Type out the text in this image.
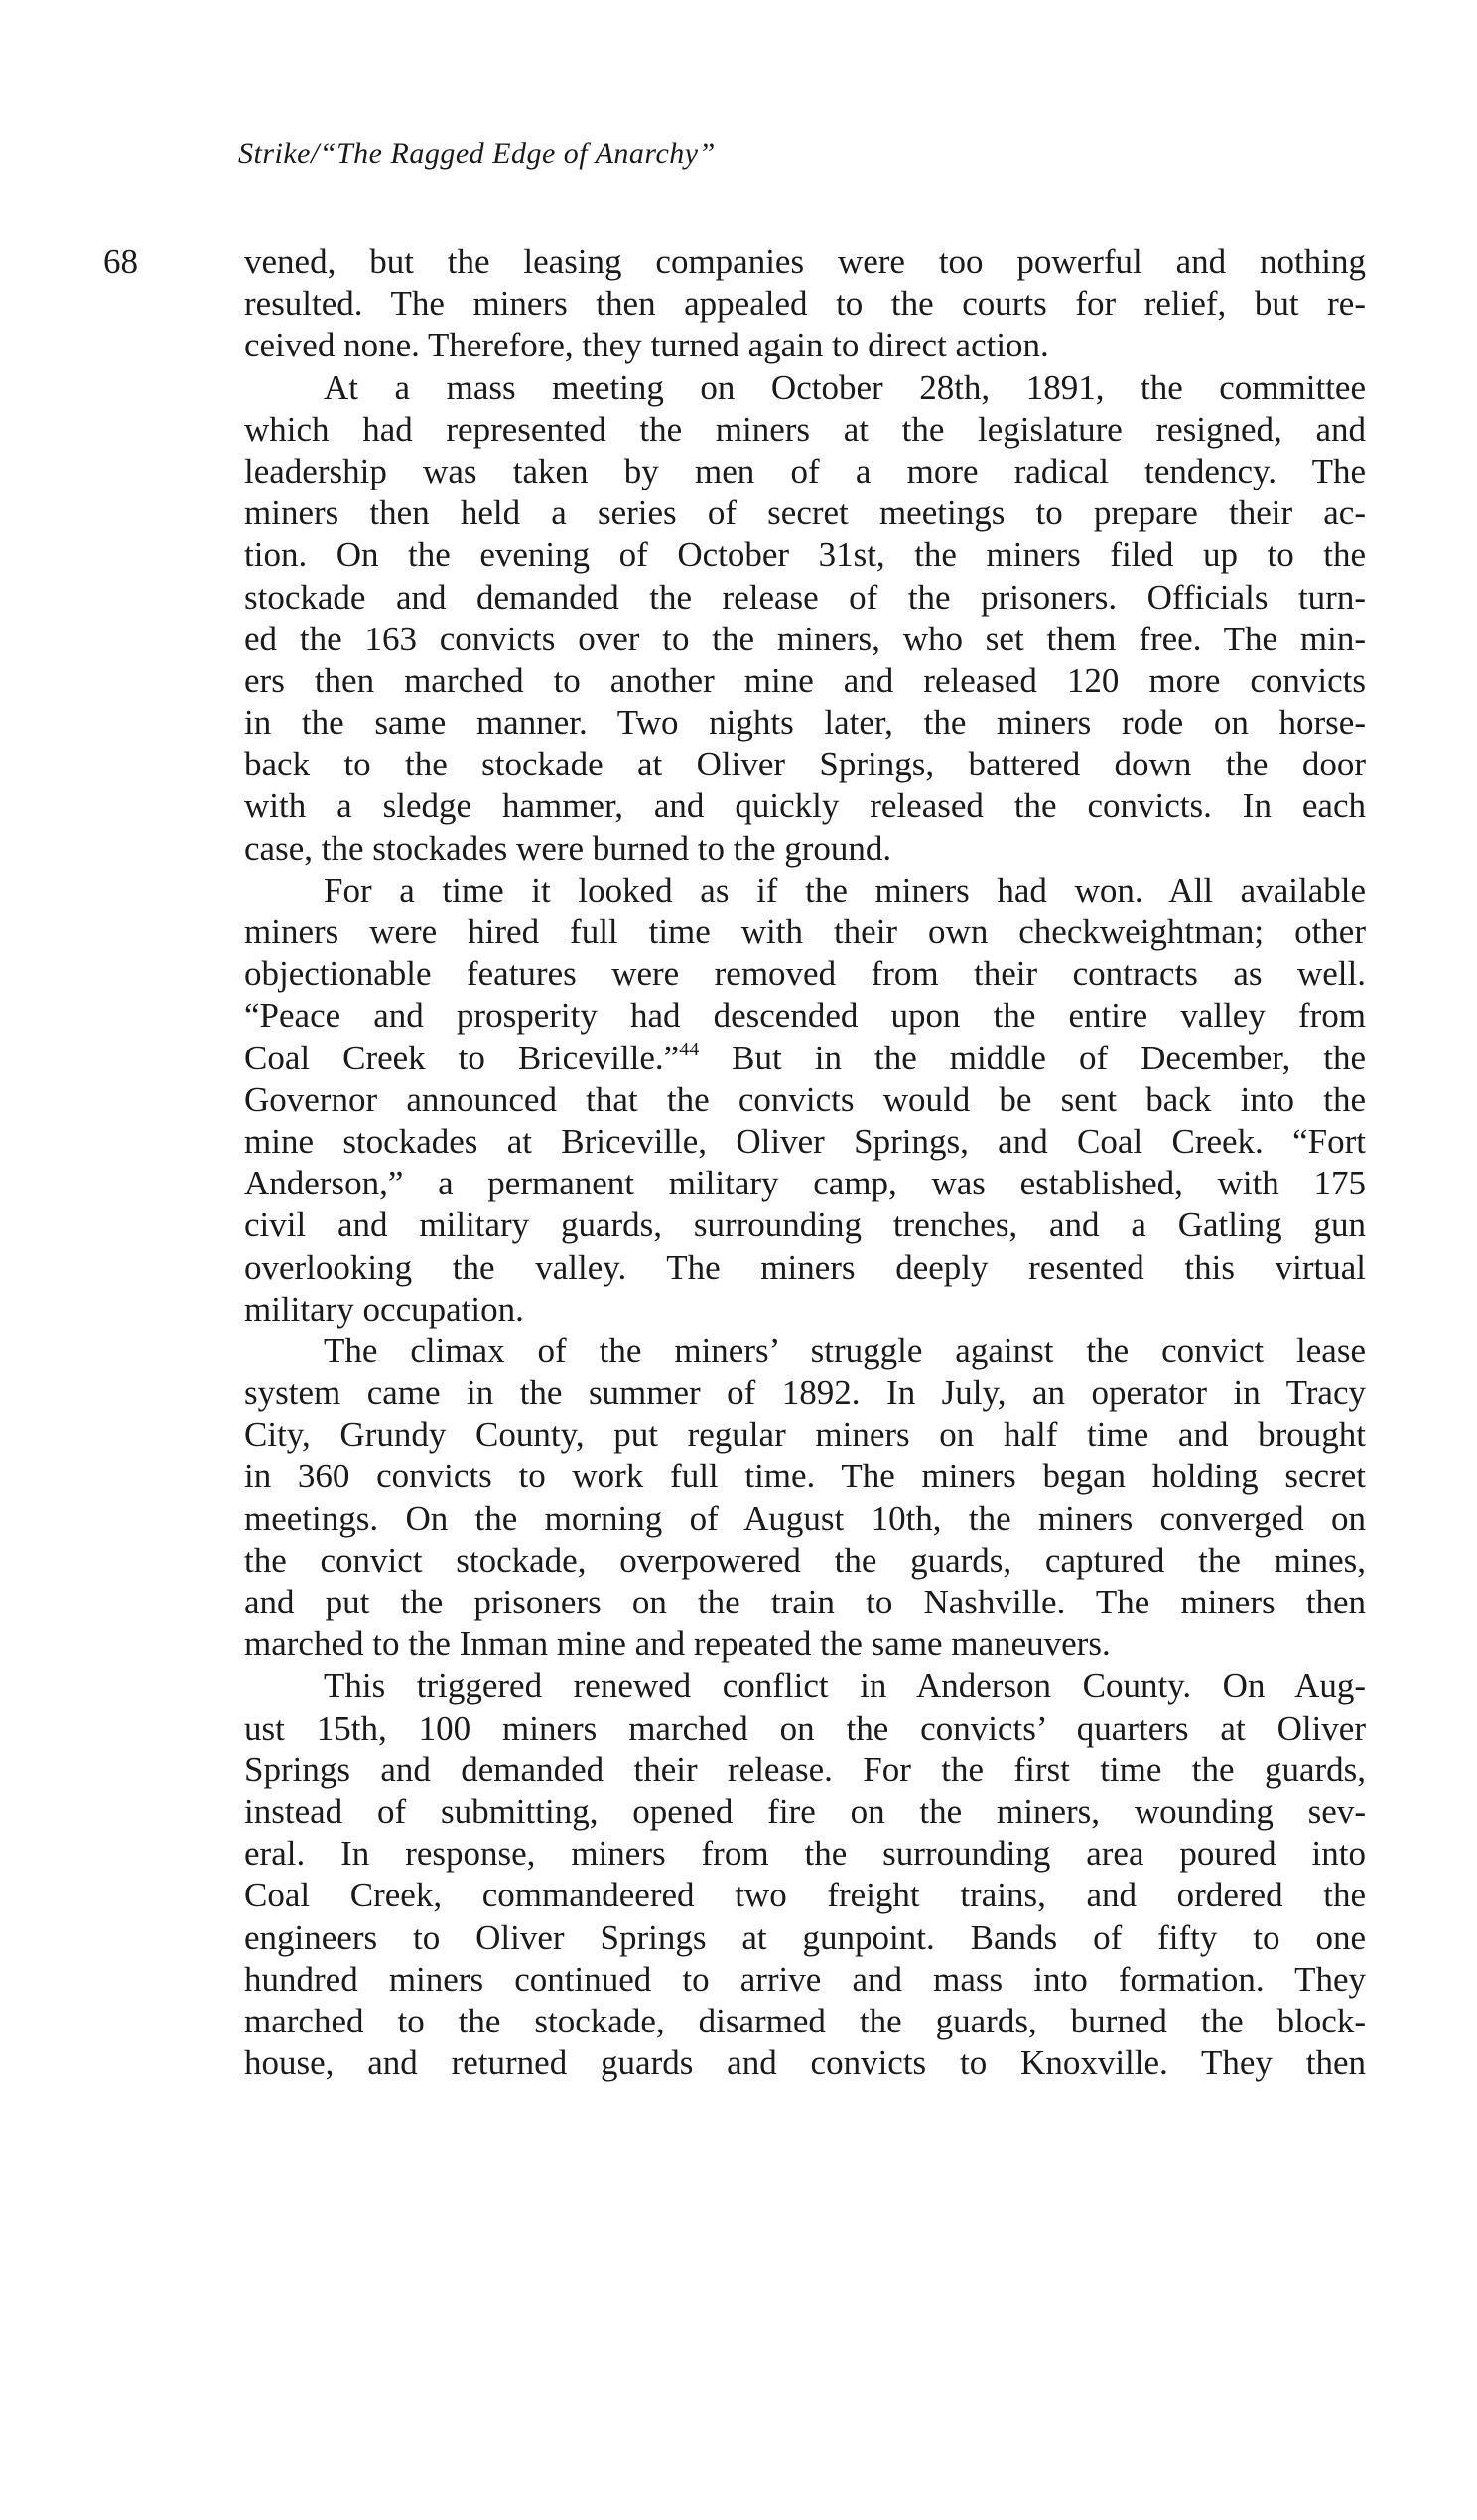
Strike/“The Ragged Edge of Anarchy”
68	vened, but the leasing companies were too powerful and nothing
resulted. The miners then appealed to the courts for relief, but re-
ceived none. Therefore, they turned again to direct action.
At a mass meeting on October 28th, 1891, the committee
which had represented the miners at the legislature resigned, and
leadership was taken by men of a more radical tendency. The
miners then held a series of secret meetings to prepare their ac-
tion. On the evening of October 31st, the miners filed up to the
stockade and demanded the release of the prisoners. Officials turn-
ed the 163 convicts over to the miners, who set them free. The min-
ers then marched to another mine and released 120 more convicts
in the same manner. Two nights later, the miners rode on horse-
back to the stockade at Oliver Springs, battered down the door
with a sledge hammer, and quickly released the convicts. In each
case, the stockades were burned to the ground.
For a time it looked as if the miners had won. All available
miners were hired full time with their own checkweightman; other
objectionable features were removed from their contracts as well.
“Peace and prosperity had descended upon the entire valley from
Coal Creek to Briceville.”$^{44}$ But in the middle of December, the
Governor announced that the convicts would be sent back into the
mine stockades at Briceville, Oliver Springs, and Coal Creek. “Fort
Anderson,” a permanent military camp, was established, with 175
civil and military guards, surrounding trenches, and a Gatling gun
overlooking the valley. The miners deeply resented this virtual
military occupation.
The climax of the miners’ struggle against the convict lease
system came in the summer of 1892. In July, an operator in Tracy
City, Grundy County, put regular miners on half time and brought
in 360 convicts to work full time. The miners began holding secret
meetings. On the morning of August 10th, the miners converged on
the convict stockade, overpowered the guards, captured the mines,
and put the prisoners on the train to Nashville. The miners then
marched to the Inman mine and repeated the same maneuvers.
This triggered renewed conflict in Anderson County. On Aug-
ust 15th, 100 miners marched on the convicts’ quarters at Oliver
Springs and demanded their release. For the first time the guards,
instead of submitting, opened fire on the miners, wounding sev-
eral. In response, miners from the surrounding area poured into
Coal Creek, commandeered two freight trains, and ordered the
engineers to Oliver Springs at gunpoint. Bands of fifty to one
hundred miners continued to arrive and mass into formation. They
marched to the stockade, disarmed the guards, burned the block-
house, and returned guards and convicts to Knoxville. They then
